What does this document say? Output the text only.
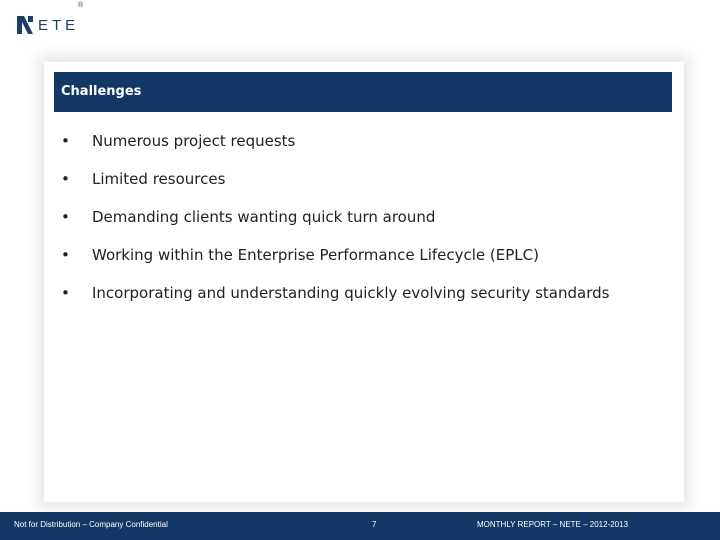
ETE
®
Challenges
•	Numerous project requests
•	Limited resources
•	Demanding clients wanting quick turn around
•	Working within the Enterprise Performance Lifecycle (EPLC)
•	Incorporating and understanding quickly evolving security standards
Not for Distribution – Company Confidential	7	MONTHLY REPORT – NETE – 2012-2013
